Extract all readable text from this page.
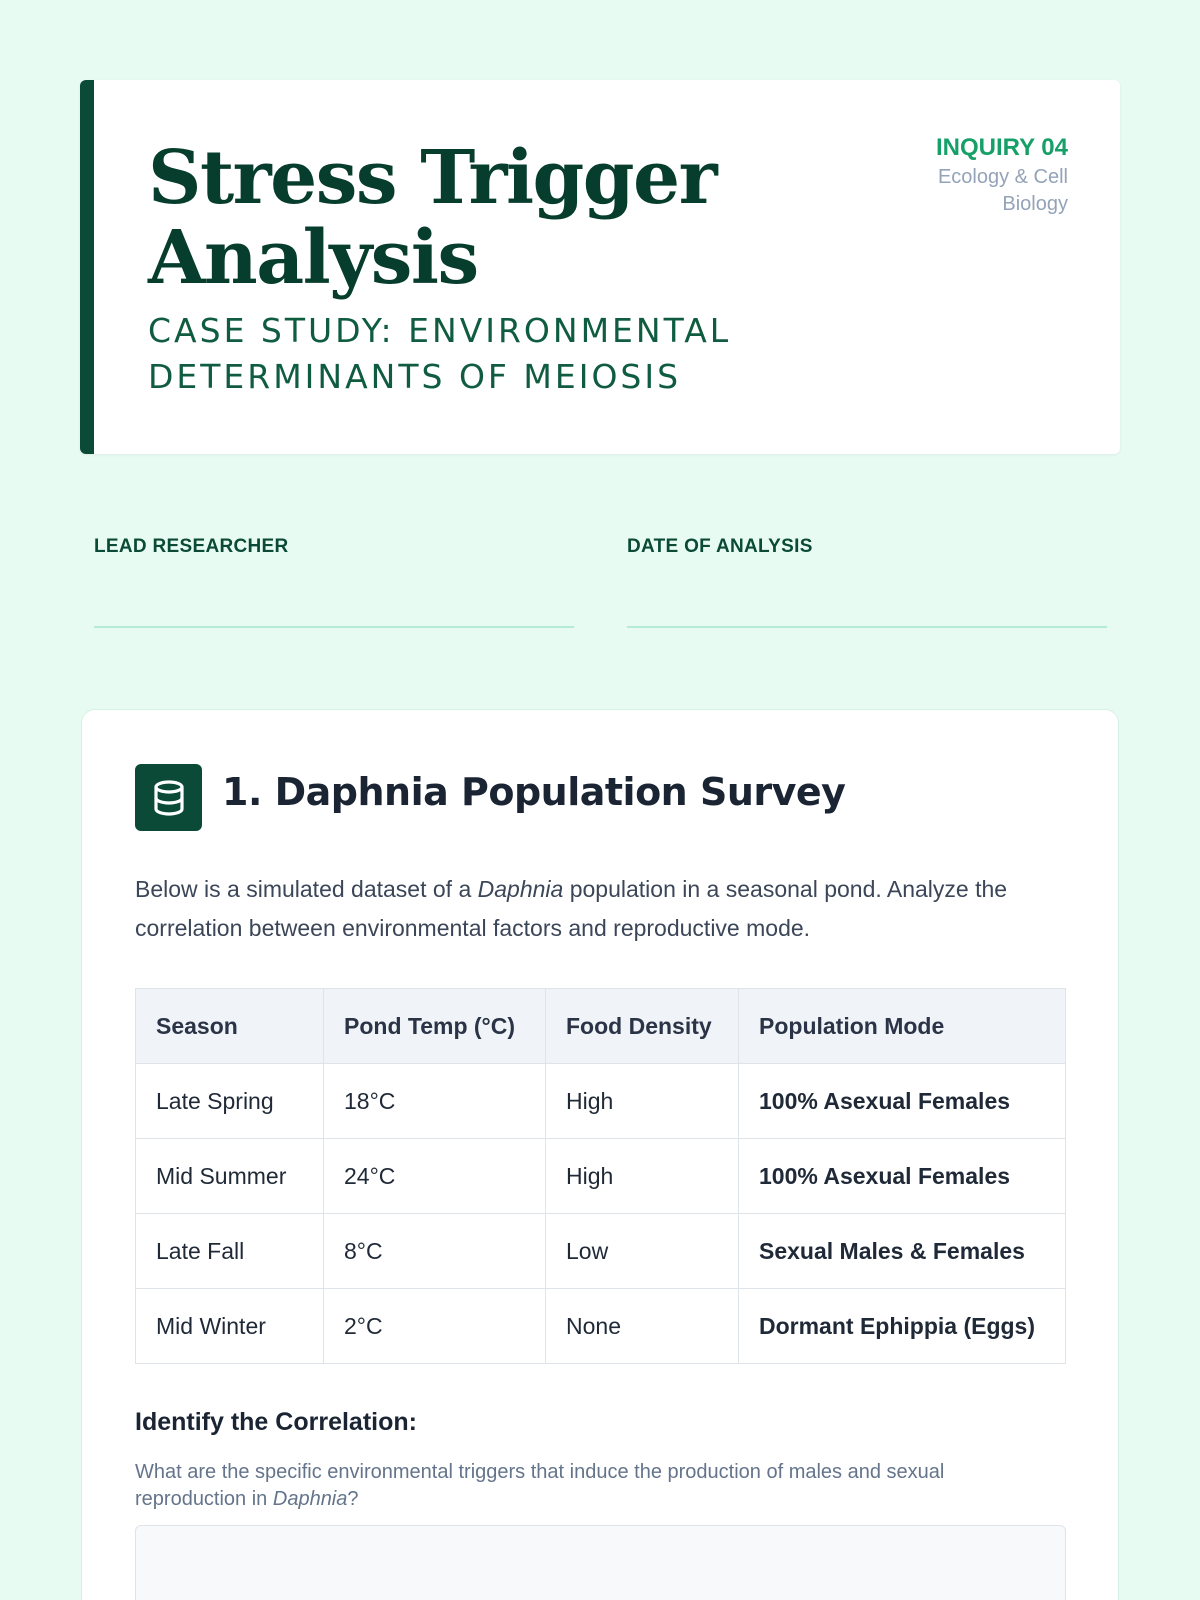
Stress Trigger Analysis
CASE STUDY: ENVIRONMENTAL DETERMINANTS OF MEIOSIS
INQUIRY 04
Ecology & Cell Biology
LEAD RESEARCHER	DATE OF ANALYSIS
1. Daphnia Population Survey

Below is a simulated dataset of a Daphnia population in a seasonal pond. Analyze the correlation between environmental factors and reproductive mode.

Season	Pond Temp (°C)	Food Density	Population Mode
Late Spring	18°C	High	100% Asexual Females
Mid Summer	24°C	High	100% Asexual Females
Late Fall	8°C	Low	Sexual Males & Females
Mid Winter	2°C	None	Dormant Ephippia (Eggs)
Identify the Correlation:

What are the specific environmental triggers that induce the production of males and sexual reproduction in Daphnia?
